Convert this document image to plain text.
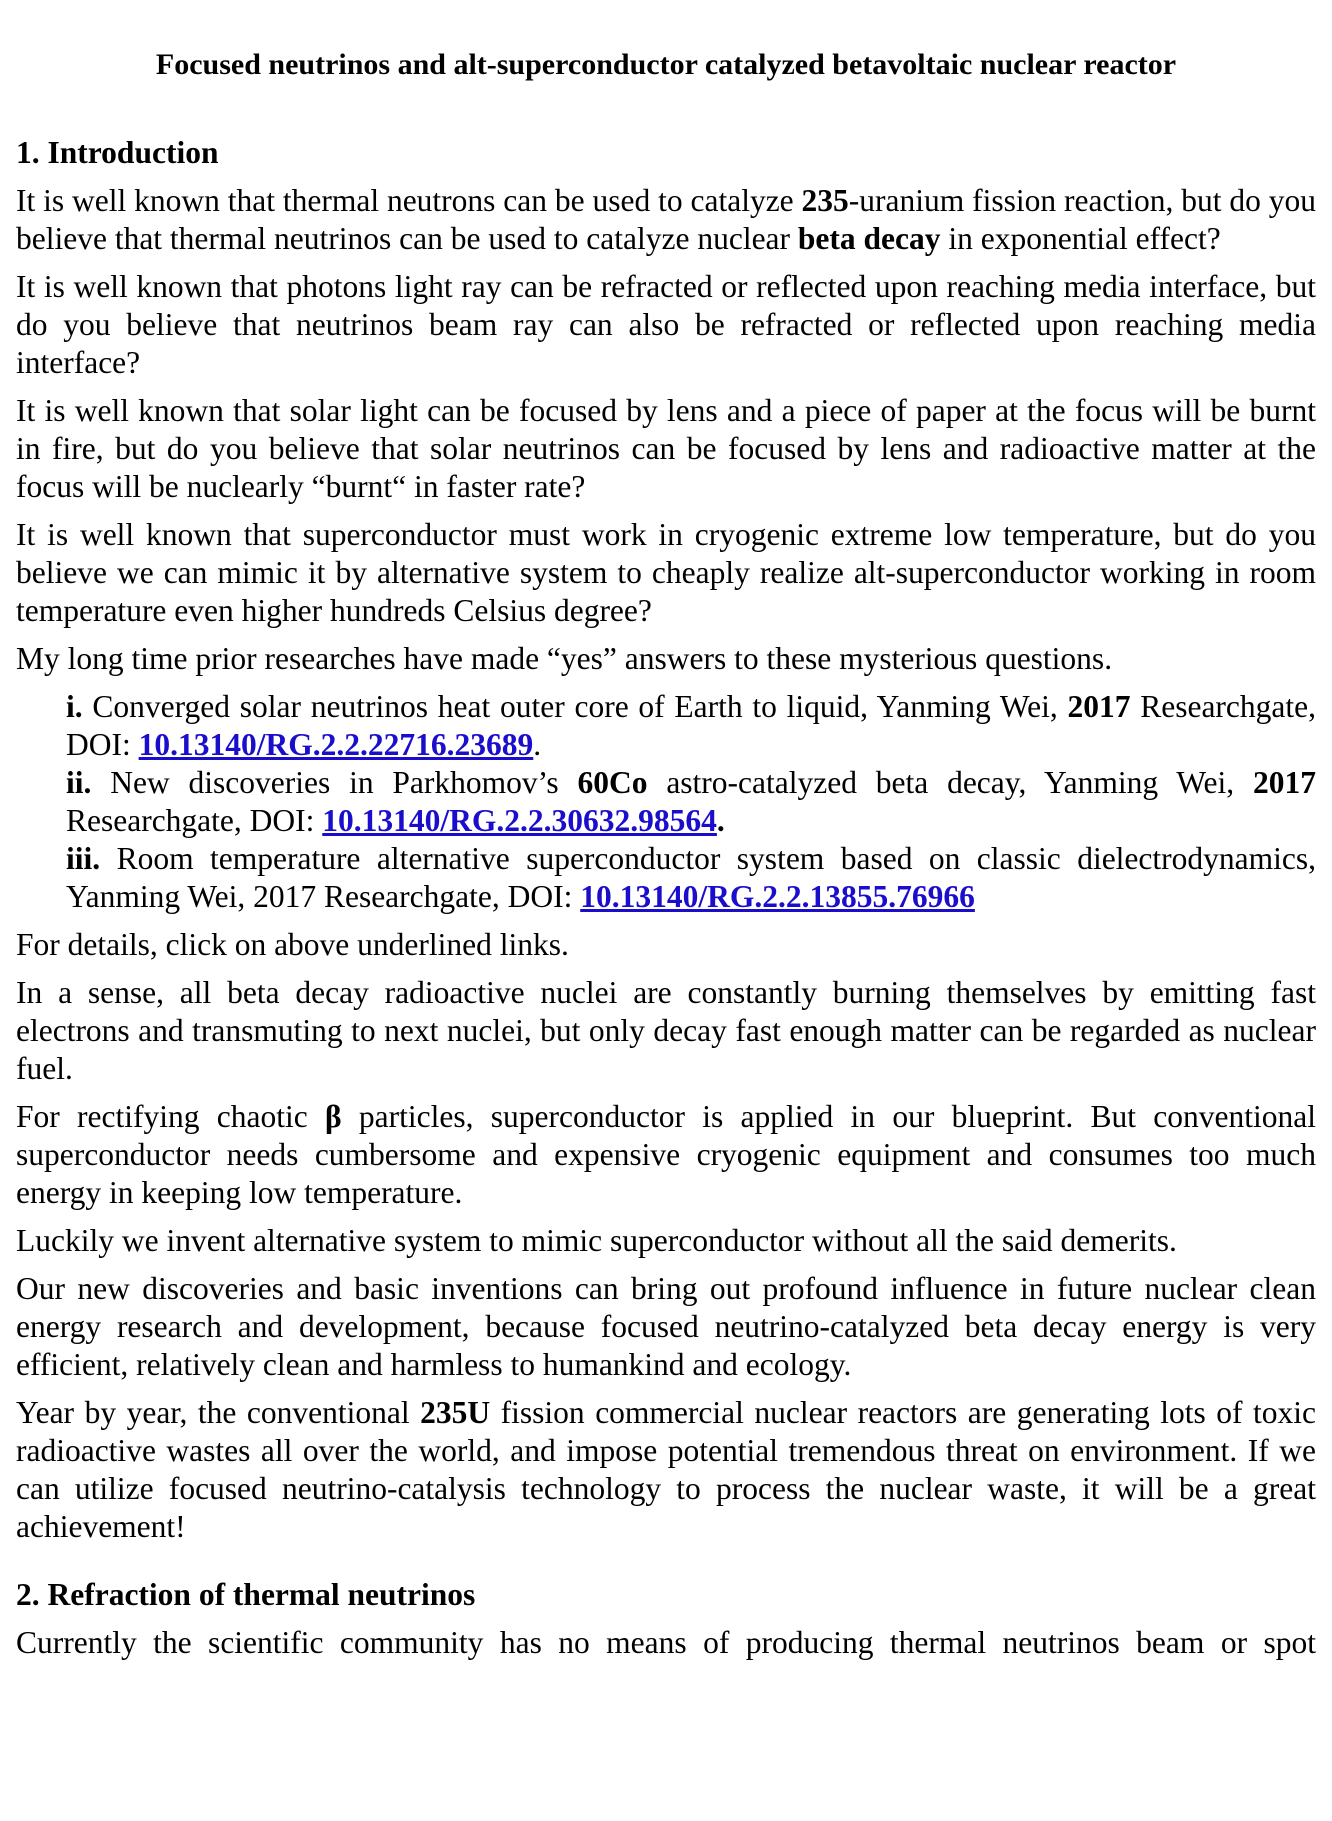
Focused neutrinos and alt-superconductor catalyzed betavoltaic nuclear reactor
1. Introduction

It is well known that thermal neutrons can be used to catalyze 235-uranium fission reaction, but do you believe that thermal neutrinos can be used to catalyze nuclear beta decay in exponential effect?

It is well known that photons light ray can be refracted or reflected upon reaching media interface, but do you believe that neutrinos beam ray can also be refracted or reflected upon reaching media interface?

It is well known that solar light can be focused by lens and a piece of paper at the focus will be burnt in fire, but do you believe that solar neutrinos can be focused by lens and radioactive matter at the focus will be nuclearly “burnt“ in faster rate?

It is well known that superconductor must work in cryogenic extreme low temperature, but do you believe we can mimic it by alternative system to cheaply realize alt-superconductor working in room temperature even higher hundreds Celsius degree?

My long time prior researches have made “yes” answers to these mysterious questions.

i. Converged solar neutrinos heat outer core of Earth to liquid, Yanming Wei, 2017 Researchgate, DOI: 10.13140/RG.2.2.22716.23689.

ii. New discoveries in Parkhomov’s 60Co astro-catalyzed beta decay, Yanming Wei, 2017 Researchgate, DOI: 10.13140/RG.2.2.30632.98564.

iii. Room temperature alternative superconductor system based on classic dielectrodynamics, Yanming Wei, 2017 Researchgate, DOI: 10.13140/RG.2.2.13855.76966

For details, click on above underlined links.

In a sense, all beta decay radioactive nuclei are constantly burning themselves by emitting fast electrons and transmuting to next nuclei, but only decay fast enough matter can be regarded as nuclear fuel.

For rectifying chaotic β particles, superconductor is applied in our blueprint. But conventional superconductor needs cumbersome and expensive cryogenic equipment and consumes too much energy in keeping low temperature.

Luckily we invent alternative system to mimic superconductor without all the said demerits.

Our new discoveries and basic inventions can bring out profound influence in future nuclear clean energy research and development, because focused neutrino-catalyzed beta decay energy is very efficient, relatively clean and harmless to humankind and ecology.

Year by year, the conventional 235U fission commercial nuclear reactors are generating lots of toxic radioactive wastes all over the world, and impose potential tremendous threat on environment. If we can utilize focused neutrino-catalysis technology to process the nuclear waste, it will be a great achievement!

2. Refraction of thermal neutrinos

Currently the scientific community has no means of producing thermal neutrinos beam or spot
